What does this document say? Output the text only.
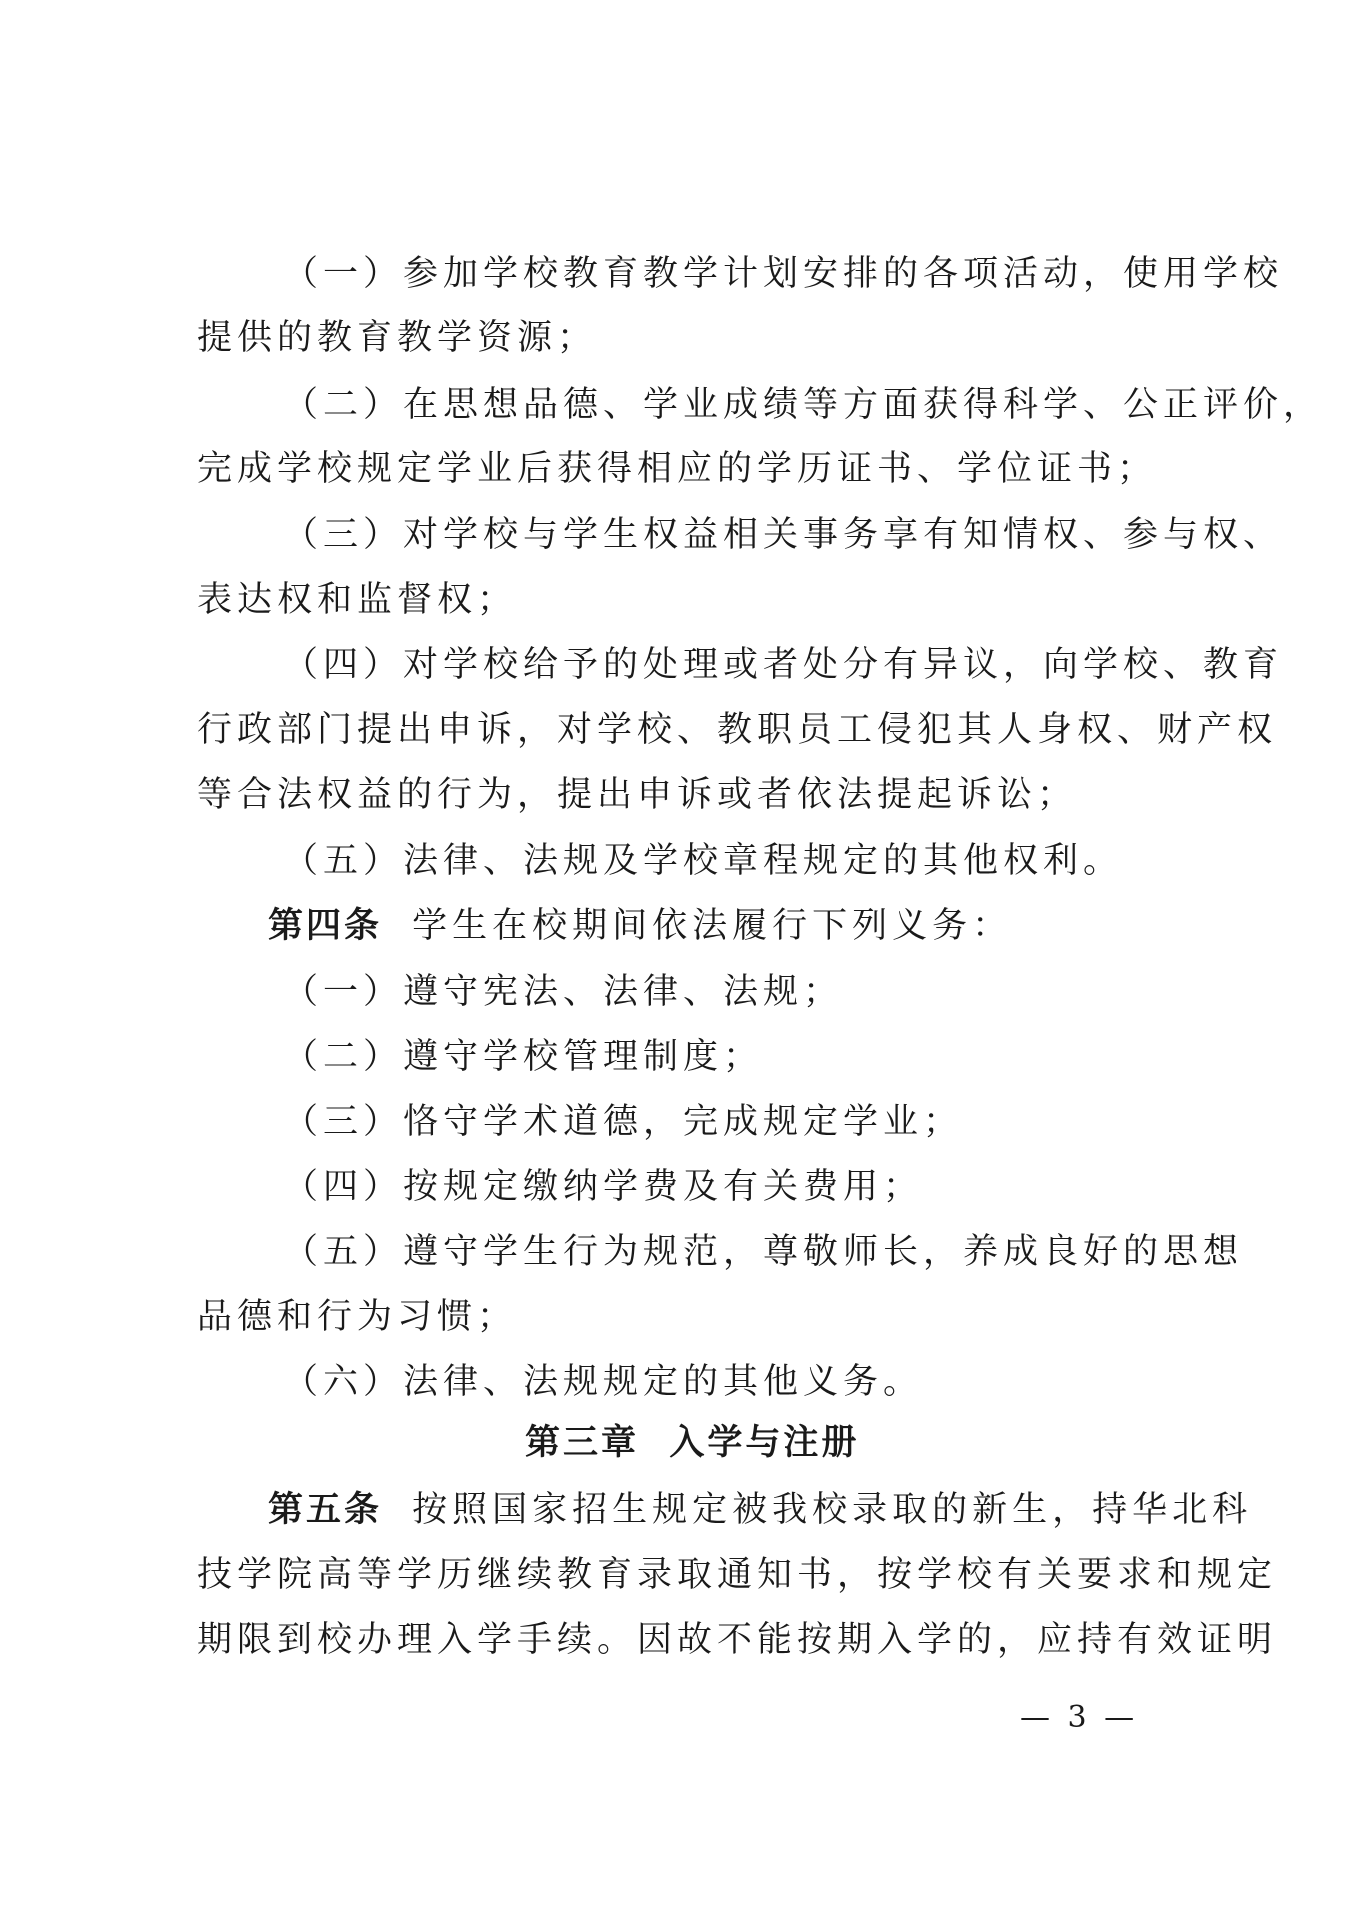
（一）参加学校教育教学计划安排的各项活动，使用学校
提供的教育教学资源；
（二）在思想品德、学业成绩等方面获得科学、公正评价，
完成学校规定学业后获得相应的学历证书、学位证书；
（三）对学校与学生权益相关事务享有知情权、参与权、
表达权和监督权；
（四）对学校给予的处理或者处分有异议，向学校、教育
行政部门提出申诉，对学校、教职员工侵犯其人身权、财产权
等合法权益的行为，提出申诉或者依法提起诉讼；
（五）法律、法规及学校章程规定的其他权利。
第四条 学生在校期间依法履行下列义务：
（一）遵守宪法、法律、法规；
（二）遵守学校管理制度；
（三）恪守学术道德，完成规定学业；
（四）按规定缴纳学费及有关费用；
（五）遵守学生行为规范，尊敬师长，养成良好的思想
品德和行为习惯；
（六）法律、法规规定的其他义务。
第三章  入学与注册
第五条 按照国家招生规定被我校录取的新生，持华北科
技学院高等学历继续教育录取通知书，按学校有关要求和规定
期限到校办理入学手续。因故不能按期入学的，应持有效证明
— 3 —
